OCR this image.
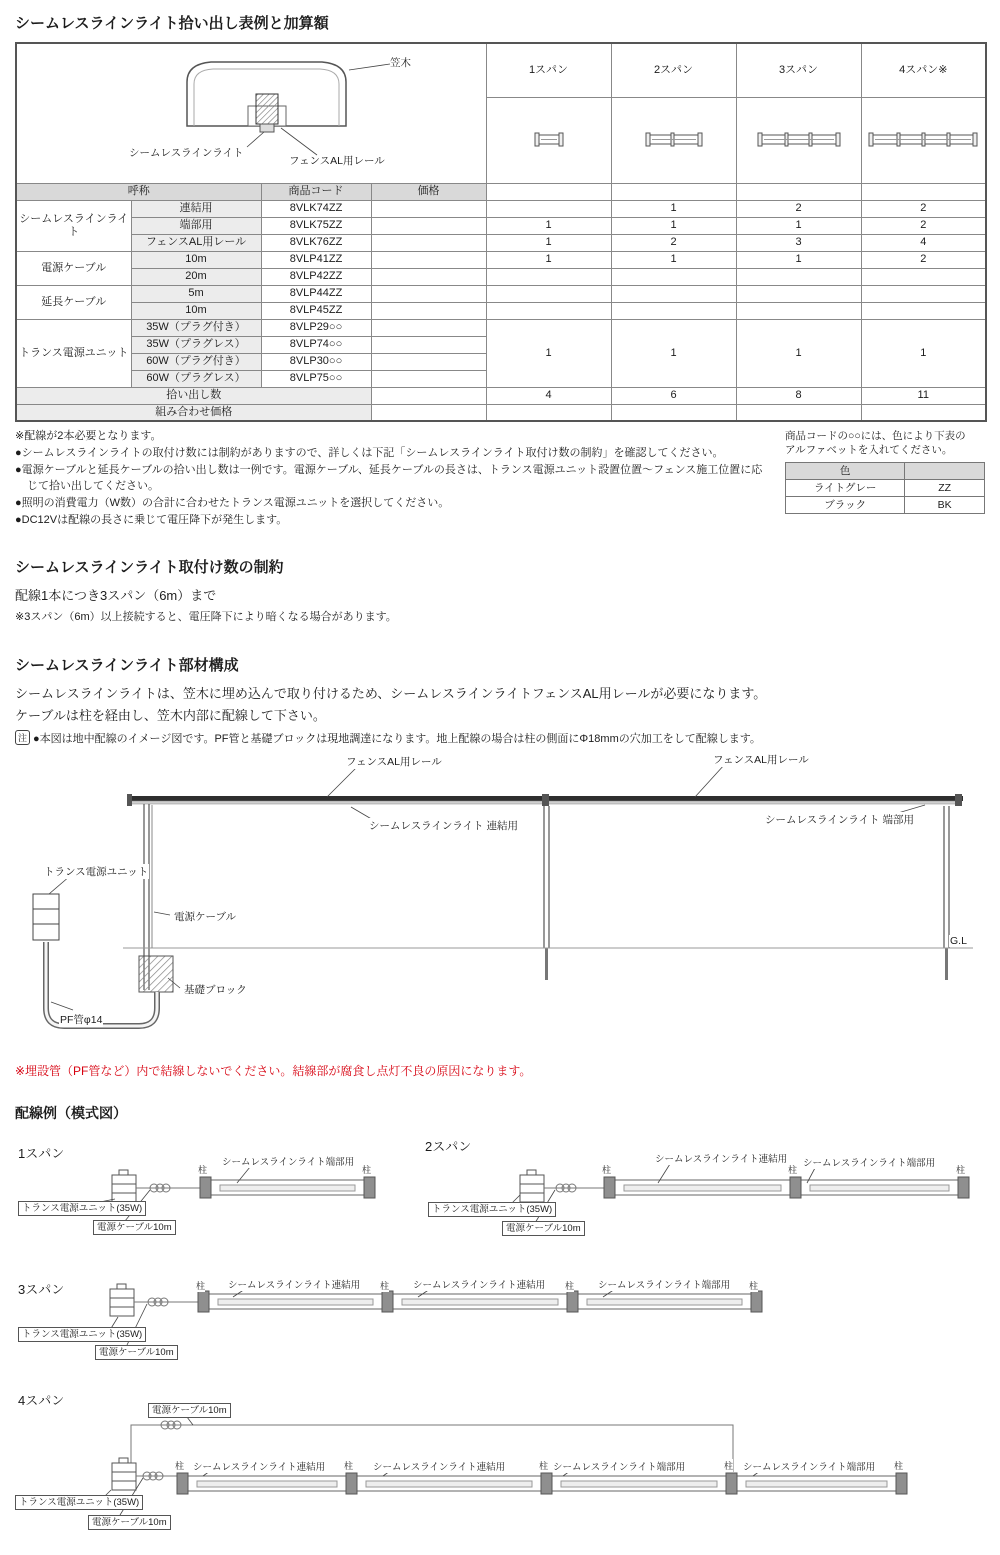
シームレスラインライト拾い出し表例と加算額
笠木
シームレスラインライト
フェンスAL用レール				1スパン	2スパン	3スパン	4スパン※

呼称		商品コード	価格				
シームレスラインライト	連結用	8VLK74ZZ			1	2	2
	端部用	8VLK75ZZ		1	1	1	2
	フェンスAL用レール	8VLK76ZZ		1	2	3	4
電源ケーブル	10m	8VLP41ZZ		1	1	1	2
	20m	8VLP42ZZ					
延長ケーブル	5m	8VLP44ZZ					
	10m	8VLP45ZZ					
トランス電源ユニット	35W（プラグ付き）	8VLP29○○		1	1	1	1
	35W（プラグレス）	8VLP74○○					
	60W（プラグ付き）	8VLP30○○					
	60W（プラグレス）	8VLP75○○					
拾い出し数				4	6	8	11
組み合わせ価格							
※配線が2本必要となります。
●シームレスラインライトの取付け数には制約がありますので、詳しくは下記「シームレスラインライト取付け数の制約」を確認してください。
●電源ケーブルと延長ケーブルの拾い出し数は一例です。電源ケーブル、延長ケーブルの長さは、トランス電源ユニット設置位置～フェンス施工位置に応じて拾い出してください。
●照明の消費電力（W数）の合計に合わせたトランス電源ユニットを選択してください。
●DC12Vは配線の長さに乗じて電圧降下が発生します。
商品コードの○○には、色により下表の
アルファベットを入れてください。
色	
ライトグレー	ZZ
ブラック	BK
シームレスラインライト取付け数の制約
配線1本につき3スパン（6m）まで
※3スパン（6m）以上接続すると、電圧降下により暗くなる場合があります。
シームレスラインライト部材構成
シームレスラインライトは、笠木に埋め込んで取り付けるため、シームレスラインライトフェンスAL用レールが必要になります。
ケーブルは柱を経由し、笠木内部に配線して下さい。
注 ●本図は地中配線のイメージ図です。PF管と基礎ブロックは現地調達になります。地上配線の場合は柱の側面にΦ18mmの穴加工をして配線します。
フェンスAL用レール	フェンスAL用レール
シームレスラインライト 連結用	シームレスラインライト 端部用
トランス電源ユニット
電源ケーブル
G.L
基礎ブロック
PF管φ14
※埋設管（PF管など）内で結線しないでください。結線部が腐食し点灯不良の原因になります。
配線例（模式図）
1スパン
シームレスラインライト端部用
柱	柱
トランス電源ユニット(35W)
電源ケーブル10m
2スパン
シームレスラインライト連結用 シームレスラインライト端部用
柱	柱	柱
トランス電源ユニット(35W)
電源ケーブル10m
3スパン	シームレスラインライト連結用	シームレスラインライト連結用	シームレスラインライト端部用
柱	柱	柱	柱
トランス電源ユニット(35W)
電源ケーブル10m
4スパン
電源ケーブル10m
シームレスラインライト連結用	シームレスラインライト連結用	シームレスラインライト端部用	シームレスラインライト端部用
柱	柱	柱	柱	柱
トランス電源ユニット(35W)
電源ケーブル10m
